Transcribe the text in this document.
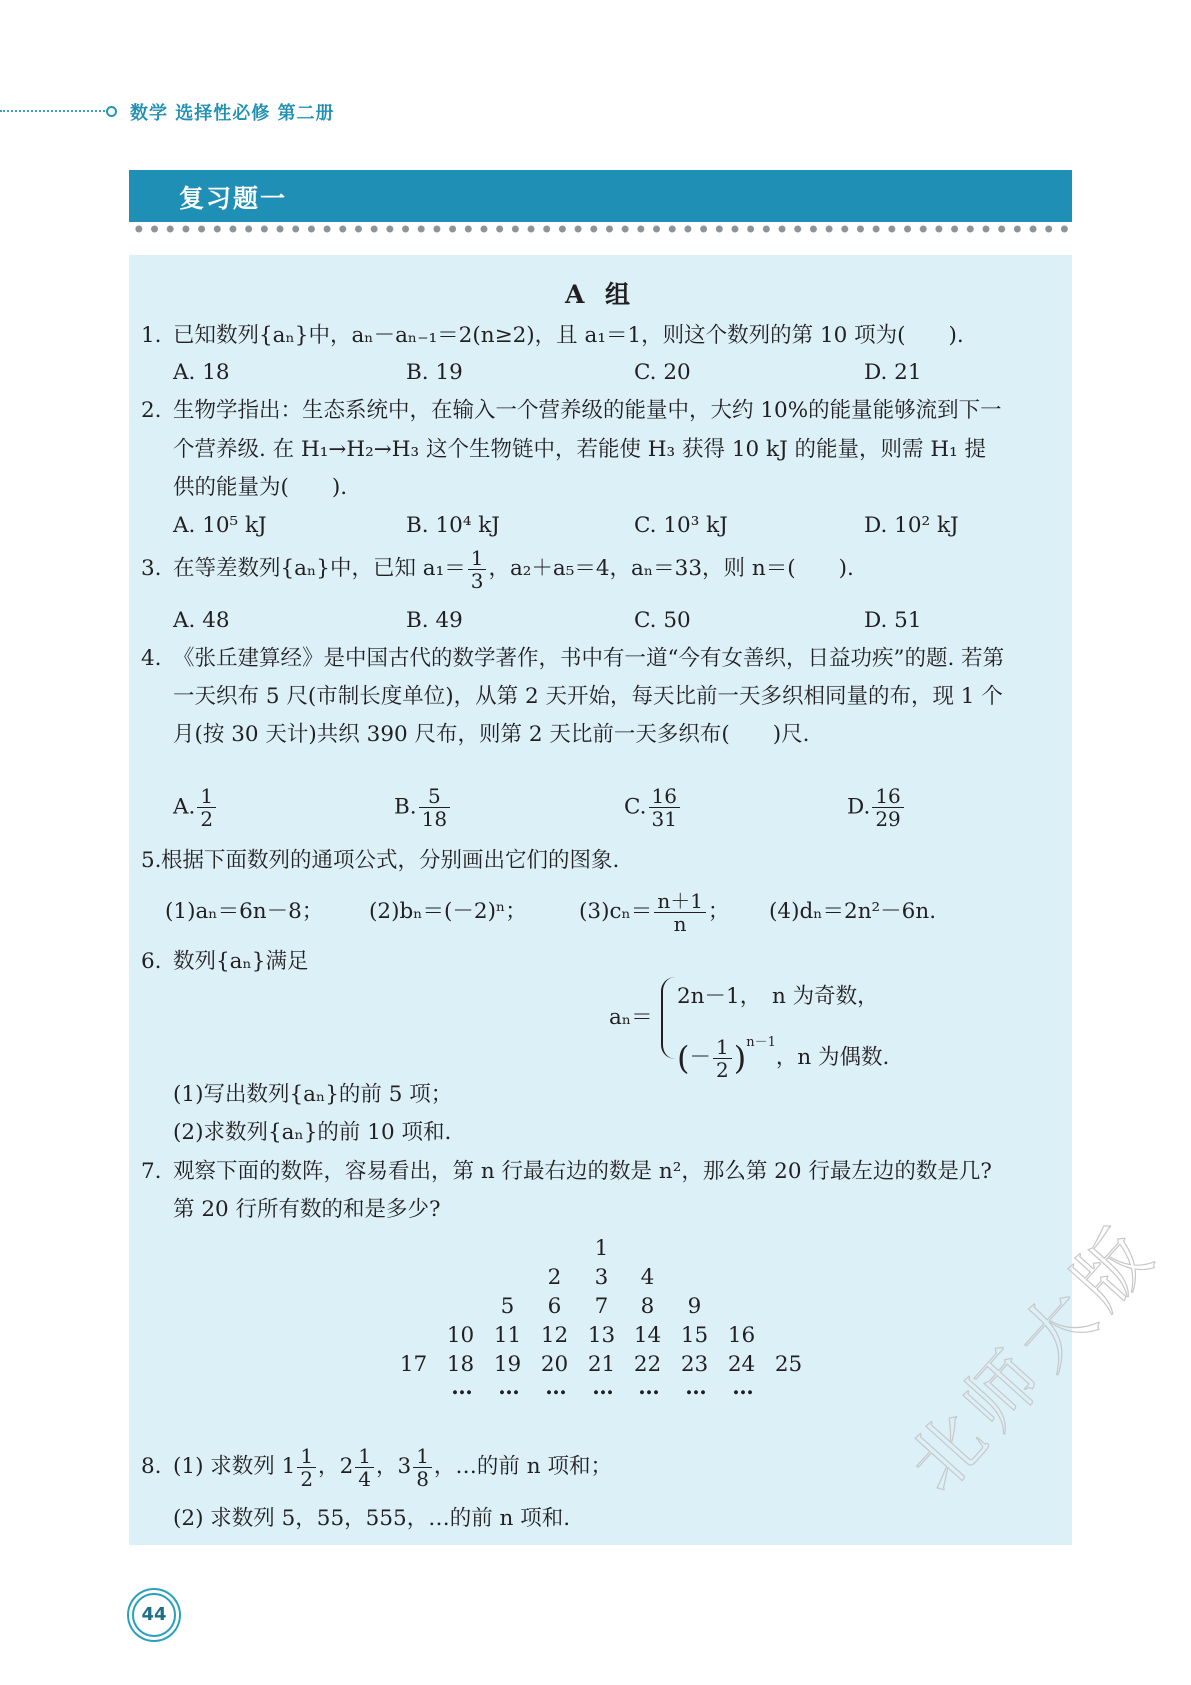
数学 选择性必修 第二册
复习题一
A 组
1. 已知数列{aₙ}中，aₙ－aₙ₋₁＝2(n≥2)，且 a₁＝1，则这个数列的第 10 项为(　　).
A. 18	B. 19	C. 20	D. 21
2. 生物学指出：生态系统中，在输入一个营养级的能量中，大约 10%的能量能够流到下一
个营养级. 在 H₁→H₂→H₃ 这个生物链中，若能使 H₃ 获得 10 kJ 的能量，则需 H₁ 提
供的能量为(　　).
A. 10⁵ kJ	B. 10⁴ kJ	C. 10³ kJ	D. 10² kJ
3. 在等差数列{aₙ}中，已知 $a_1= \frac{1}{3}$ ，a₂＋a₅＝4，aₙ＝33，则 n＝(　　).
A. 48	B. 49	C. 50	D. 51
4. 《张丘建算经》是中国古代的数学著作，书中有一道“今有女善织，日益功疾”的题. 若第
一天织布 5 尺(市制长度单位)，从第 2 天开始，每天比前一天多织相同量的布，现 1 个
月(按 30 天计)共织 390 尺布，则第 2 天比前一天多织布(　　)尺.
A. $\frac{1}{2}$	B. $\frac{5}{18}$	C. $\frac{16}{31}$	D. $\frac{16}{29}$
5. 根据下面数列的通项公式，分别画出它们的图象.
(1)aₙ＝6n－8； (2)bₙ＝(－2)ⁿ； $(3)c_n= \frac{n+1}{n}$ ； (4)dₙ＝2n²－6n.
6. 数列{aₙ}满足
aₙ＝
2n－1，　n 为奇数，
(－ $\frac{1}{2} )^{n-1}$，n 为偶数.
(1)写出数列{aₙ}的前 5 项；
(2)求数列{aₙ}的前 10 项和.
7. 观察下面的数阵，容易看出，第 n 行最右边的数是 n²，那么第 20 行最左边的数是几?
第 20 行所有数的和是多少?
1
2	3	4
5	6	7	8	9
10 11 12 13 14 15 16
17 18 19 20 21 22 23 24 25
…	…	…	…	…	…	…
8. (1) 求数列 $1 \frac{1}{2}$ ，$2 \frac{1}{4}$ ，$3 \frac{1}{8}$ ，…的前 n 项和；
(2) 求数列 5，55，555，…的前 n 项和.
44
北师大版
